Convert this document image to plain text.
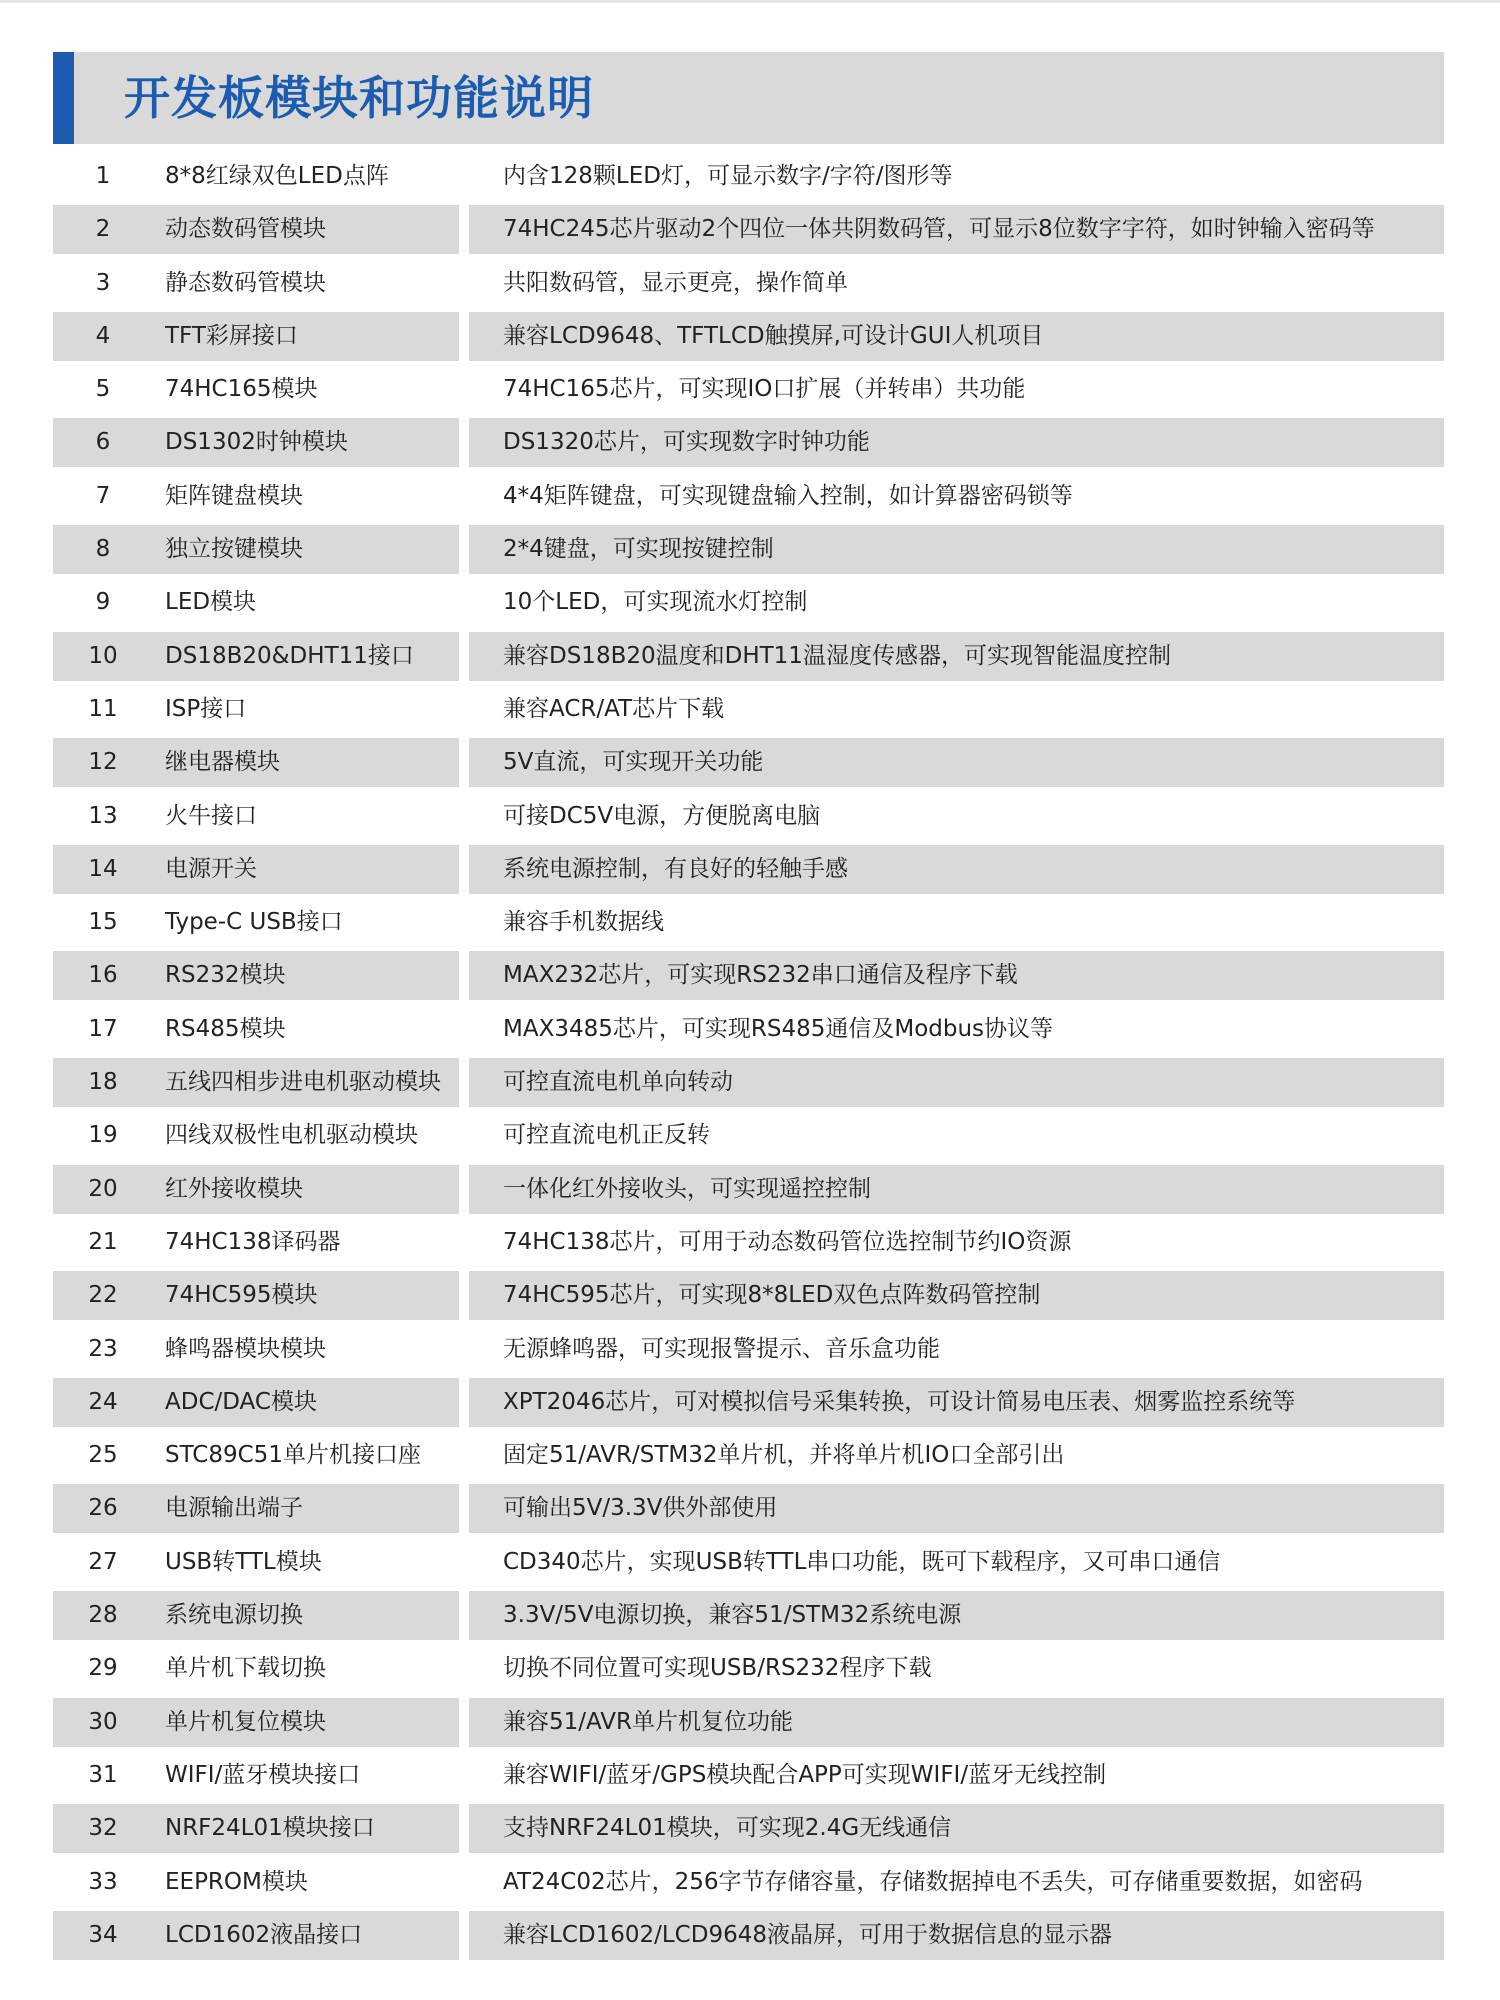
开发板模块和功能说明
1	8*8红绿双色LED点阵	内含128颗LED灯，可显示数字/字符/图形等
2	动态数码管模块	74HC245芯片驱动2个四位一体共阴数码管，可显示8位数字字符，如时钟输入密码等
3	静态数码管模块	共阳数码管，显示更亮，操作简单
4	TFT彩屏接口	兼容LCD9648、TFTLCD触摸屏,可设计GUI人机项目
5	74HC165模块	74HC165芯片，可实现IO口扩展（并转串）共功能
6	DS1302时钟模块	DS1320芯片，可实现数字时钟功能
7	矩阵键盘模块	4*4矩阵键盘，可实现键盘输入控制，如计算器密码锁等
8	独立按键模块	2*4键盘，可实现按键控制
9	LED模块	10个LED，可实现流水灯控制
10	DS18B20&DHT11接口	兼容DS18B20温度和DHT11温湿度传感器，可实现智能温度控制
11	ISP接口	兼容ACR/AT芯片下载
12	继电器模块	5V直流，可实现开关功能
13	火牛接口	可接DC5V电源，方便脱离电脑
14	电源开关	系统电源控制，有良好的轻触手感
15	Type-C USB接口	兼容手机数据线
16	RS232模块	MAX232芯片，可实现RS232串口通信及程序下载
17	RS485模块	MAX3485芯片，可实现RS485通信及Modbus协议等
18	五线四相步进电机驱动模块	可控直流电机单向转动
19	四线双极性电机驱动模块	可控直流电机正反转
20	红外接收模块	一体化红外接收头，可实现遥控控制
21	74HC138译码器	74HC138芯片，可用于动态数码管位选控制节约IO资源
22	74HC595模块	74HC595芯片，可实现8*8LED双色点阵数码管控制
23	蜂鸣器模块模块	无源蜂鸣器，可实现报警提示、音乐盒功能
24	ADC/DAC模块	XPT2046芯片，可对模拟信号采集转换，可设计简易电压表、烟雾监控系统等
25	STC89C51单片机接口座	固定51/AVR/STM32单片机，并将单片机IO口全部引出
26	电源输出端子	可输出5V/3.3V供外部使用
27	USB转TTL模块	CD340芯片，实现USB转TTL串口功能，既可下载程序，又可串口通信
28	系统电源切换	3.3V/5V电源切换，兼容51/STM32系统电源
29	单片机下载切换	切换不同位置可实现USB/RS232程序下载
30	单片机复位模块	兼容51/AVR单片机复位功能
31	WIFI/蓝牙模块接口	兼容WIFI/蓝牙/GPS模块配合APP可实现WIFI/蓝牙无线控制
32	NRF24L01模块接口	支持NRF24L01模块，可实现2.4G无线通信
33	EEPROM模块	AT24C02芯片，256字节存储容量，存储数据掉电不丢失，可存储重要数据，如密码
34	LCD1602液晶接口	兼容LCD1602/LCD9648液晶屏，可用于数据信息的显示器
